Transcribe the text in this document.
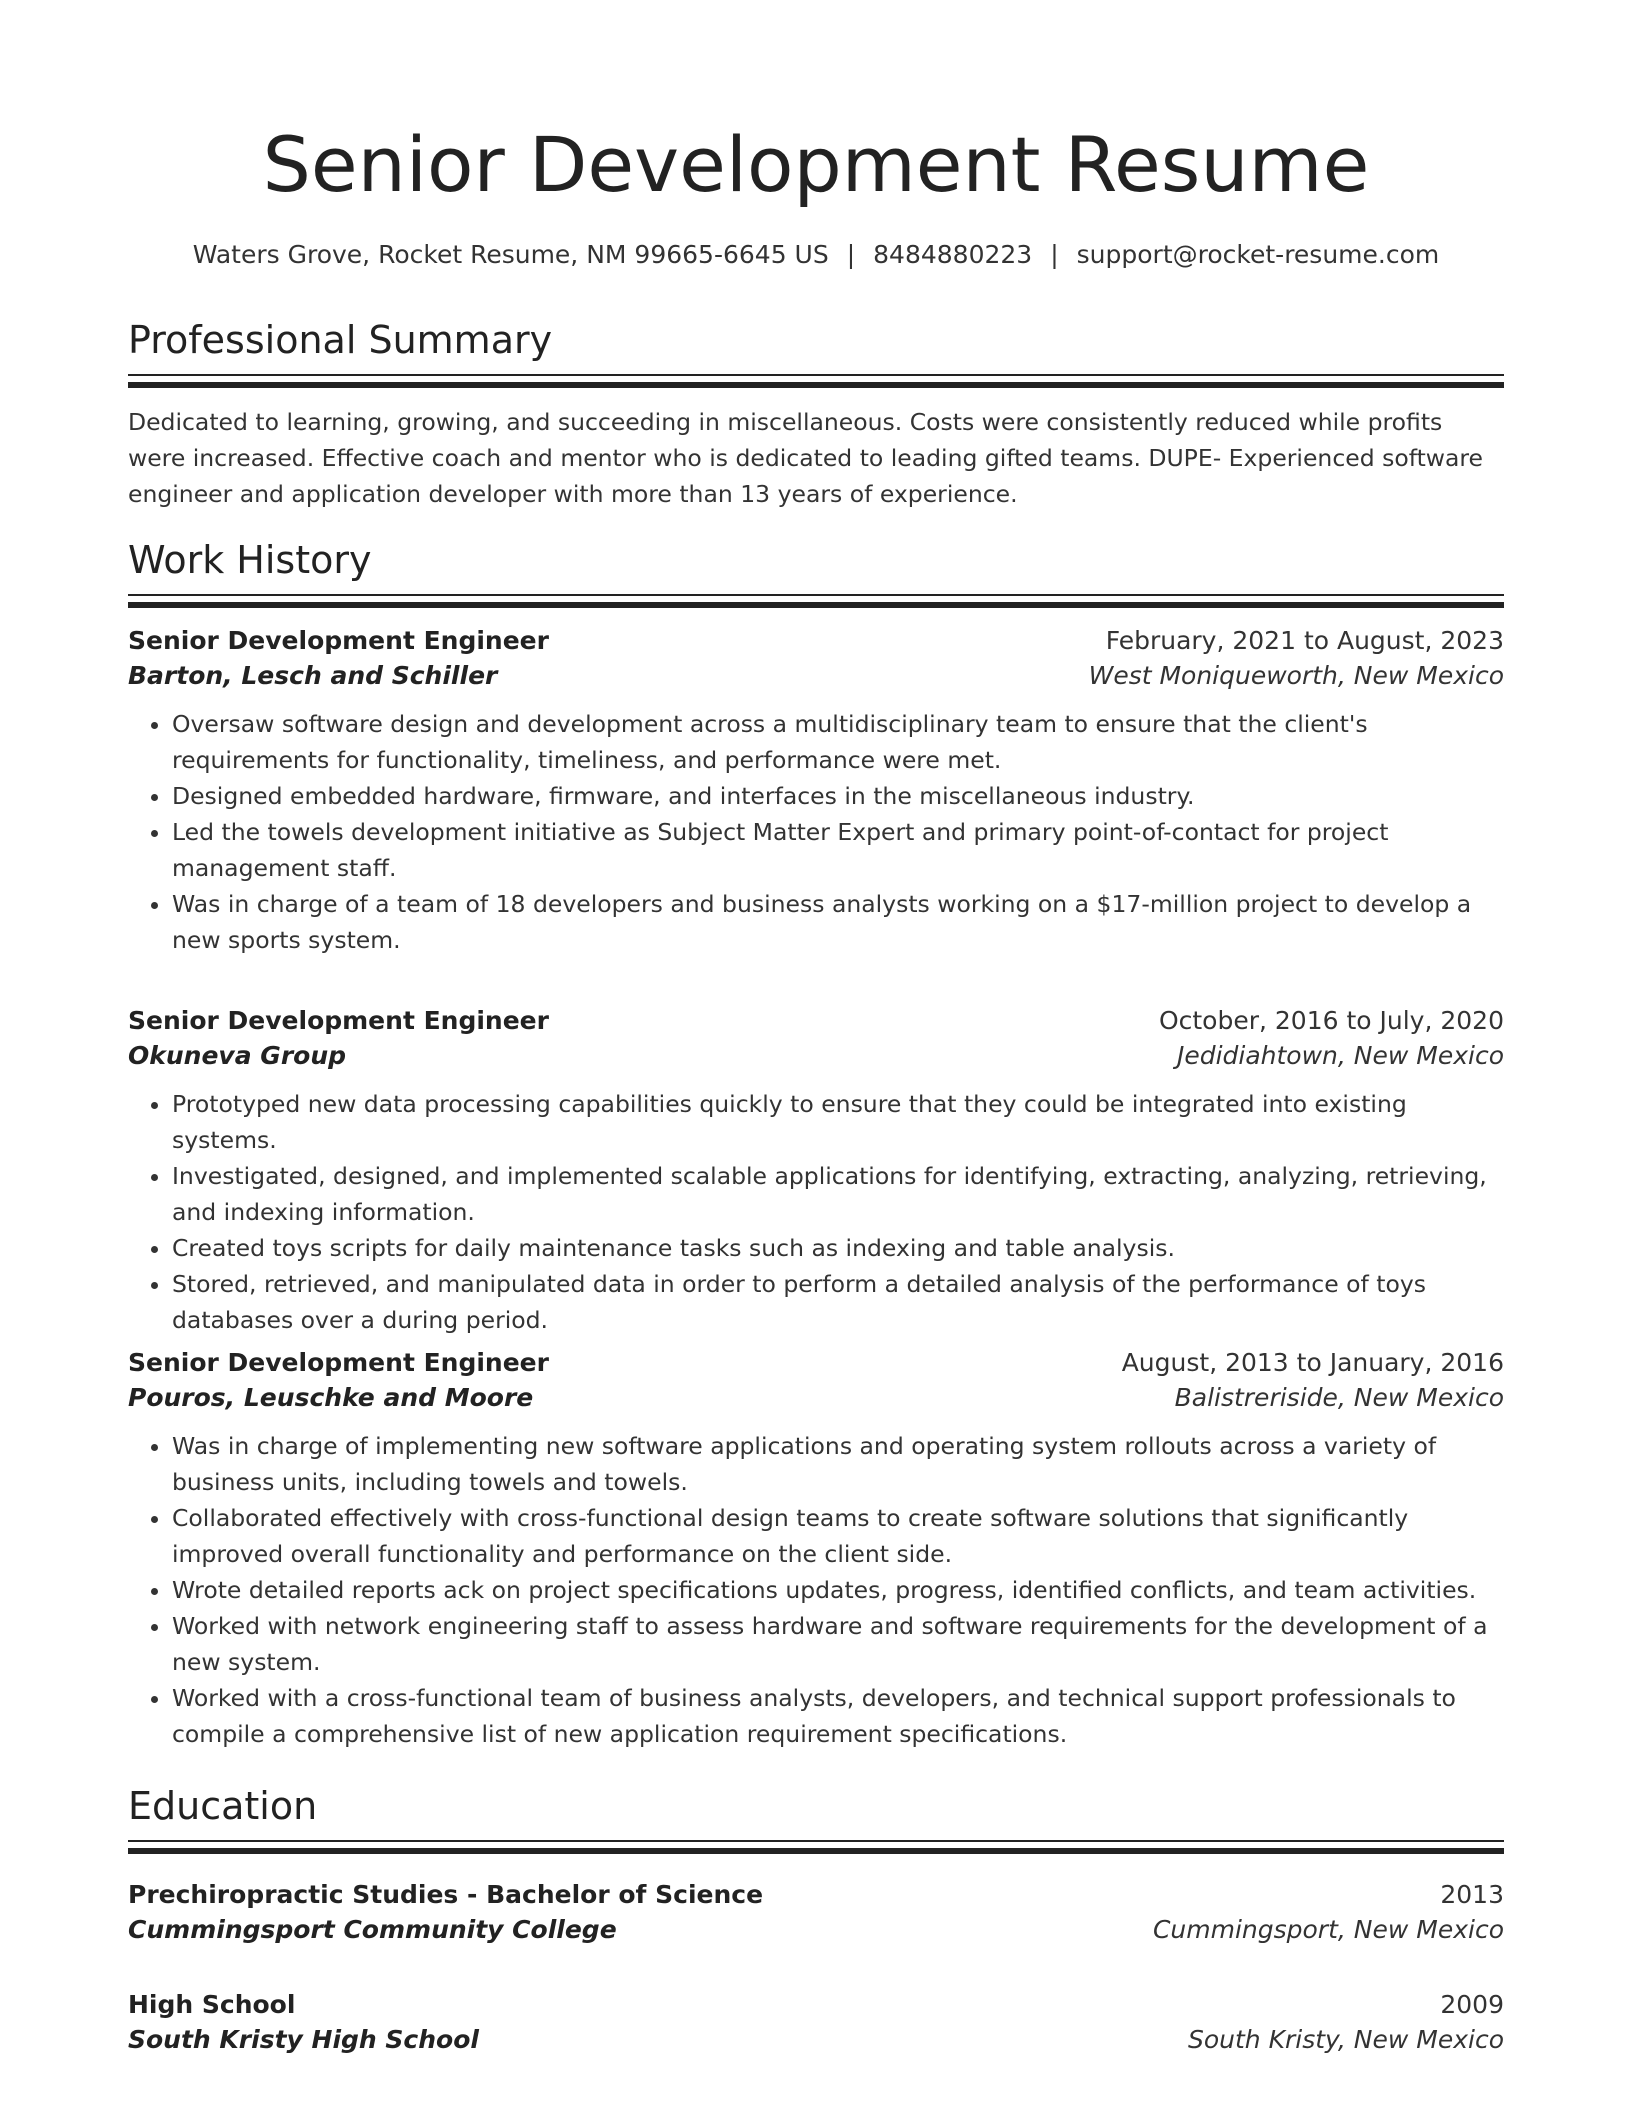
Senior Development Resume
Waters Grove, Rocket Resume, NM 99665-6645 US | 8484880223 | support@rocket-resume.com
Professional Summary
Dedicated to learning, growing, and succeeding in miscellaneous. Costs were consistently reduced while profits were increased. Effective coach and mentor who is dedicated to leading gifted teams. DUPE- Experienced software engineer and application developer with more than 13 years of experience.
Work History
Senior Development Engineer	February, 2021 to August, 2023
Barton, Lesch and Schiller	West Moniqueworth, New Mexico
• Oversaw software design and development across a multidisciplinary team to ensure that the client's requirements for functionality, timeliness, and performance were met.
• Designed embedded hardware, firmware, and interfaces in the miscellaneous industry.
• Led the towels development initiative as Subject Matter Expert and primary point-of-contact for project management staff.
• Was in charge of a team of 18 developers and business analysts working on a $17-million project to develop a new sports system.
Senior Development Engineer	October, 2016 to July, 2020
Okuneva Group	Jedidiahtown, New Mexico
• Prototyped new data processing capabilities quickly to ensure that they could be integrated into existing systems.
• Investigated, designed, and implemented scalable applications for identifying, extracting, analyzing, retrieving, and indexing information.
• Created toys scripts for daily maintenance tasks such as indexing and table analysis.
• Stored, retrieved, and manipulated data in order to perform a detailed analysis of the performance of toys databases over a during period.
Senior Development Engineer	August, 2013 to January, 2016
Pouros, Leuschke and Moore	Balistreriside, New Mexico
• Was in charge of implementing new software applications and operating system rollouts across a variety of business units, including towels and towels.
• Collaborated effectively with cross-functional design teams to create software solutions that significantly improved overall functionality and performance on the client side.
• Wrote detailed reports ack on project specifications updates, progress, identified conflicts, and team activities.
• Worked with network engineering staff to assess hardware and software requirements for the development of a new system.
• Worked with a cross-functional team of business analysts, developers, and technical support professionals to compile a comprehensive list of new application requirement specifications.
Education
Prechiropractic Studies - Bachelor of Science	2013
Cummingsport Community College	Cummingsport, New Mexico
High School	2009
South Kristy High School	South Kristy, New Mexico
